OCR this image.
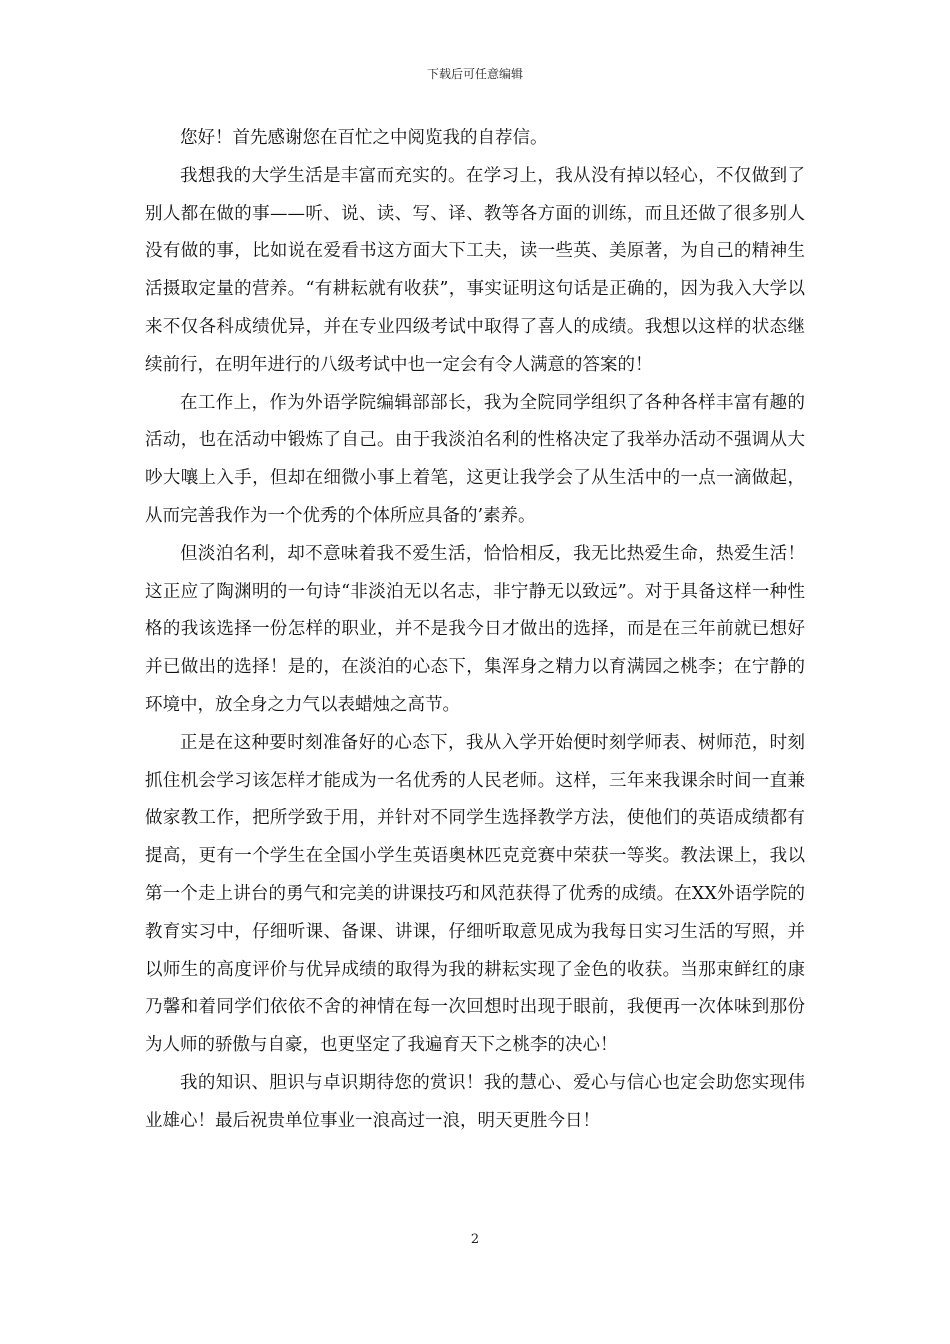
下载后可任意编辑

您好！首先感谢您在百忙之中阅览我的自荐信。

我想我的大学生活是丰富而充实的。在学习上，我从没有掉以轻心，不仅做到了别人都在做的事——听、说、读、写、译、教等各方面的训练，而且还做了很多别人没有做的事，比如说在爱看书这方面大下工夫，读一些英、美原著，为自己的精神生活摄取定量的营养。“有耕耘就有收获”，事实证明这句话是正确的，因为我入大学以来不仅各科成绩优异，并在专业四级考试中取得了喜人的成绩。我想以这样的状态继续前行，在明年进行的八级考试中也一定会有令人满意的答案的！

在工作上，作为外语学院编辑部部长，我为全院同学组织了各种各样丰富有趣的活动，也在活动中锻炼了自己。由于我淡泊名利的性格决定了我举办活动不强调从大吵大嚷上入手，但却在细微小事上着笔，这更让我学会了从生活中的一点一滴做起，从而完善我作为一个优秀的个体所应具备的’素养。

但淡泊名利，却不意味着我不爱生活，恰恰相反，我无比热爱生命，热爱生活！这正应了陶渊明的一句诗“非淡泊无以名志，非宁静无以致远”。对于具备这样一种性格的我该选择一份怎样的职业，并不是我今日才做出的选择，而是在三年前就已想好并已做出的选择！是的，在淡泊的心态下，集浑身之精力以育满园之桃李；在宁静的环境中，放全身之力气以表蜡烛之高节。

正是在这种要时刻准备好的心态下，我从入学开始便时刻学师表、树师范，时刻抓住机会学习该怎样才能成为一名优秀的人民老师。这样，三年来我课余时间一直兼做家教工作，把所学致于用，并针对不同学生选择教学方法，使他们的英语成绩都有提高，更有一个学生在全国小学生英语奥林匹克竞赛中荣获一等奖。教法课上，我以第一个走上讲台的勇气和完美的讲课技巧和风范获得了优秀的成绩。在XX外语学院的教育实习中，仔细听课、备课、讲课，仔细听取意见成为我每日实习生活的写照，并以师生的高度评价与优异成绩的取得为我的耕耘实现了金色的收获。当那束鲜红的康乃馨和着同学们依依不舍的神情在每一次回想时出现于眼前，我便再一次体味到那份为人师的骄傲与自豪，也更坚定了我遍育天下之桃李的决心！

我的知识、胆识与卓识期待您的赏识！我的慧心、爱心与信心也定会助您实现伟业雄心！最后祝贵单位事业一浪高过一浪，明天更胜今日！

2
